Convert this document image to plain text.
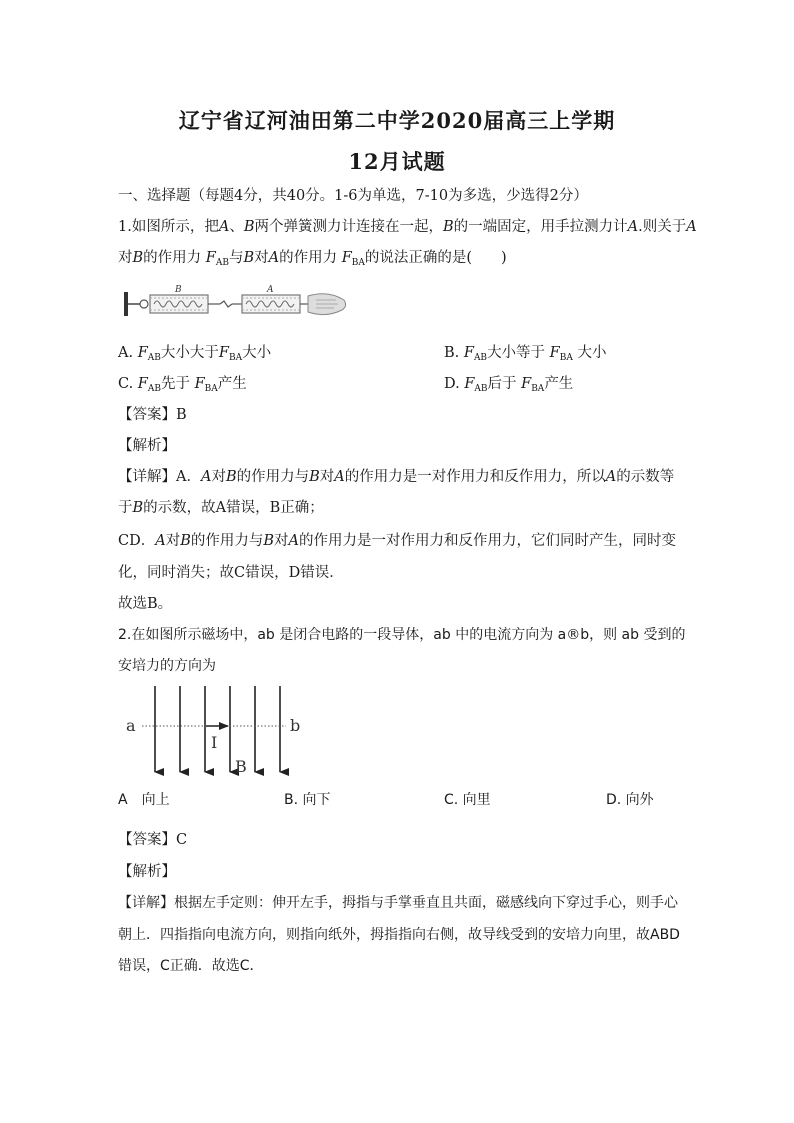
辽宁省辽河油田第二中学2020届高三上学期
12月试题
一、选择题（每题4分，共40分。1-6为单选，7-10为多选，少选得2分）
1.如图所示，把A、B两个弹簧测力计连接在一起，B的一端固定，用手拉测力计A.则关于A
对B的作用力 $F_{AB}$与B对A的作用力 $F_{BA}$的说法正确的是(　　)
B	A
A. $F_{AB}$大小大于$F_{BA}$大小	B. $F_{AB}$大小等于 $F_{BA}$ 大小
C. $F_{AB}$先于 $F_{BA}$产生	D. $F_{AB}$后于 $F_{BA}$产生
【答案】B
【解析】
【详解】A．A对B的作用力与B对A的作用力是一对作用力和反作用力，所以A的示数等
于B的示数，故A错误，B正确；
CD．A对B的作用力与B对A的作用力是一对作用力和反作用力，它们同时产生，同时变
化，同时消失；故C错误，D错误．
故选B。
2.在如图所示磁场中，ab 是闭合电路的一段导体，ab 中的电流方向为 a®b，则 ab 受到的
安培力的方向为
a	b
I
B
A　向上	B. 向下	C. 向里	D. 向外
【答案】C
【解析】
【详解】根据左手定则：伸开左手，拇指与手掌垂直且共面，磁感线向下穿过手心，则手心
朝上．四指指向电流方向，则指向纸外，拇指指向右侧，故导线受到的安培力向里，故ABD
错误，C正确．故选C．
